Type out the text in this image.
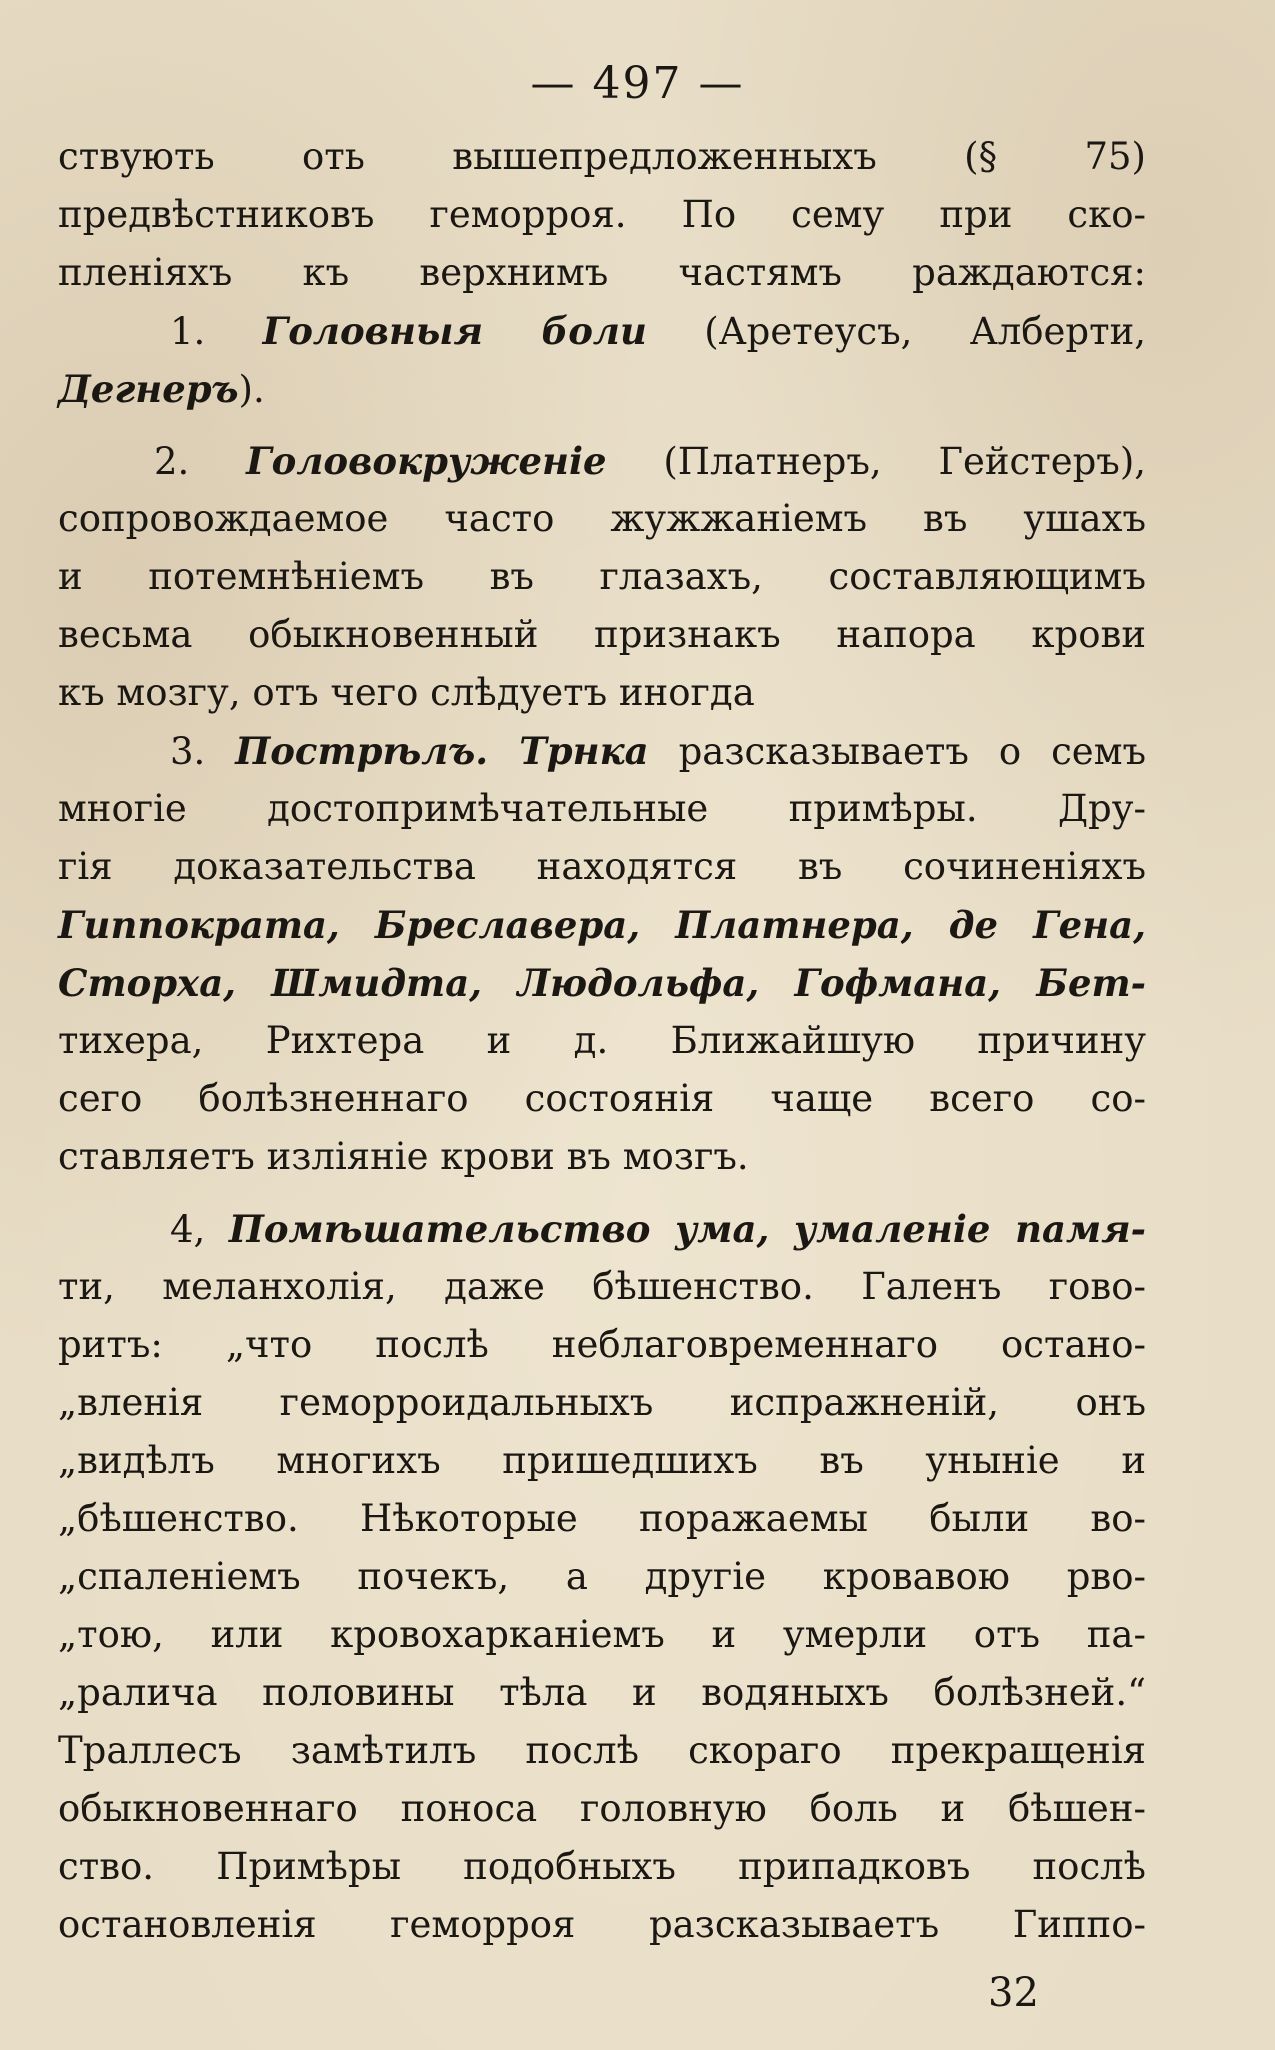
— 497 —
ствують оть вышепредложенныхъ (§ 75)
предвѣстниковъ геморроя. По сему при ско-
пленіяхъ къ верхнимъ частямъ раждаются:
1. Головныя боли (Аретеусъ, Алберти,
Дегнеръ).
2. Головокруженіе (Платнеръ, Гейстеръ),
сопровождаемое часто жужжаніемъ въ ушахъ
и потемнѣніемъ въ глазахъ, составляющимъ
весьма обыкновенный признакъ напора крови
къ мозгу, отъ чего слѣдуетъ иногда
3. Пострѣлъ. Трнка разсказываетъ о семъ
многіе достопримѣчательные примѣры. Дру-
гія доказательства находятся въ сочиненіяхъ
Гиппократа, Бреславера, Платнера, де Гена,
Сторха, Шмидта, Людольфа, Гофмана, Бет-
тихера, Рихтера и д. Ближайшую причину
сего болѣзненнаго состоянія чаще всего со-
ставляетъ изліяніе крови въ мозгъ.
4, Помѣшательство ума, умаленіе памя-
ти, меланхолія, даже бѣшенство. Галенъ гово-
ритъ: „что послѣ неблаговременнаго остано-
„вленія геморроидальныхъ испражненій, онъ
„видѣлъ многихъ пришедшихъ въ уныніе и
„бѣшенство. Нѣкоторые поражаемы были во-
„спаленіемъ почекъ, а другіе кровавою рво-
„тою, или кровохарканіемъ и умерли отъ па-
„ралича половины тѣла и водяныхъ болѣзней.“
Траллесъ замѣтилъ послѣ скораго прекращенія
обыкновеннаго поноса головную боль и бѣшен-
ство. Примѣры подобныхъ припадковъ послѣ
остановленія геморроя разсказываетъ Гиппо-
32
